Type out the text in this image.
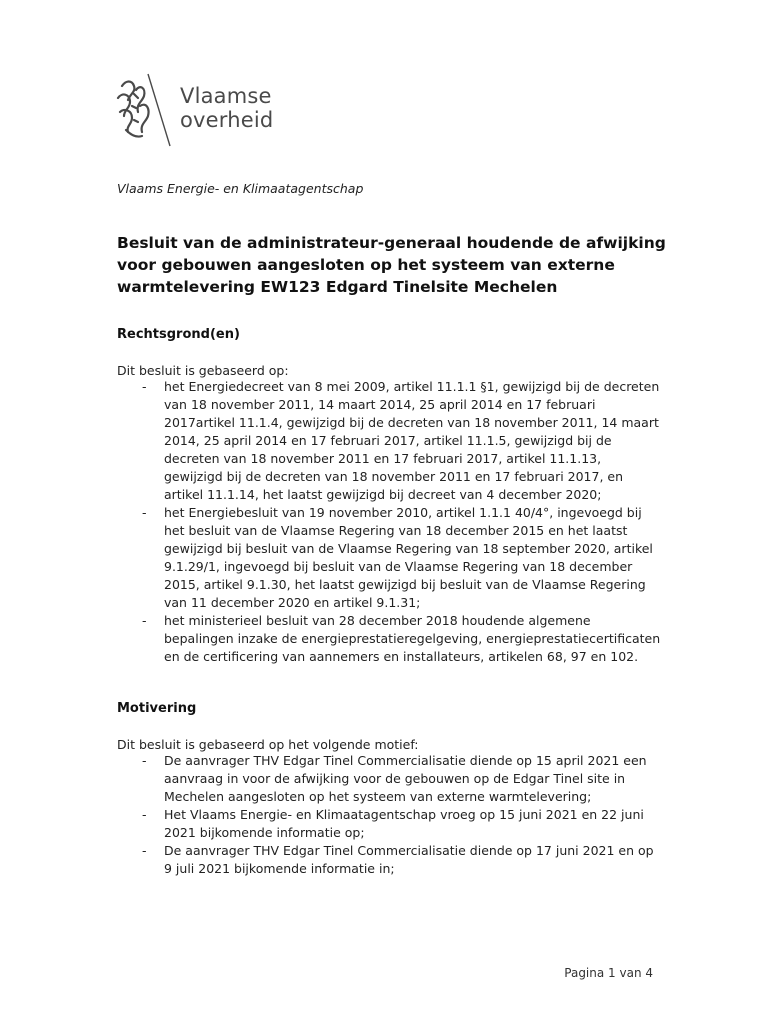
Vlaamse
overheid
Vlaams Energie- en Klimaatagentschap
Besluit van de administrateur-generaal houdende de afwijking voor gebouwen aangesloten op het systeem van externe warmtelevering EW123 Edgard Tinelsite Mechelen
Rechtsgrond(en)

Dit besluit is gebaseerd op:

- het Energiedecreet van 8 mei 2009, artikel 11.1.1 §1, gewijzigd bij de decreten van 18 november 2011, 14 maart 2014, 25 april 2014 en 17 februari 2017artikel 11.1.4, gewijzigd bij de decreten van 18 november 2011, 14 maart 2014, 25 april 2014 en 17 februari 2017, artikel 11.1.5, gewijzigd bij de decreten van 18 november 2011 en 17 februari 2017, artikel 11.1.13, gewijzigd bij de decreten van 18 november 2011 en 17 februari 2017, en artikel 11.1.14, het laatst gewijzigd bij decreet van 4 december 2020;
- het Energiebesluit van 19 november 2010, artikel 1.1.1 40/4°, ingevoegd bij het besluit van de Vlaamse Regering van 18 december 2015 en het laatst gewijzigd bij besluit van de Vlaamse Regering van 18 september 2020, artikel 9.1.29/1, ingevoegd bij besluit van de Vlaamse Regering van 18 december 2015, artikel 9.1.30, het laatst gewijzigd bij besluit van de Vlaamse Regering van 11 december 2020 en artikel 9.1.31;
- het ministerieel besluit van 28 december 2018 houdende algemene bepalingen inzake de energieprestatieregelgeving, energieprestatiecertificaten en de certificering van aannemers en installateurs, artikelen 68, 97 en 102.
Motivering

Dit besluit is gebaseerd op het volgende motief:

- De aanvrager THV Edgar Tinel Commercialisatie diende op 15 april 2021 een aanvraag in voor de afwijking voor de gebouwen op de Edgar Tinel site in Mechelen aangesloten op het systeem van externe warmtelevering;
- Het Vlaams Energie- en Klimaatagentschap vroeg op 15 juni 2021 en 22 juni 2021 bijkomende informatie op;
- De aanvrager THV Edgar Tinel Commercialisatie diende op 17 juni 2021 en op 9 juli 2021 bijkomende informatie in;
Pagina 1 van 4
